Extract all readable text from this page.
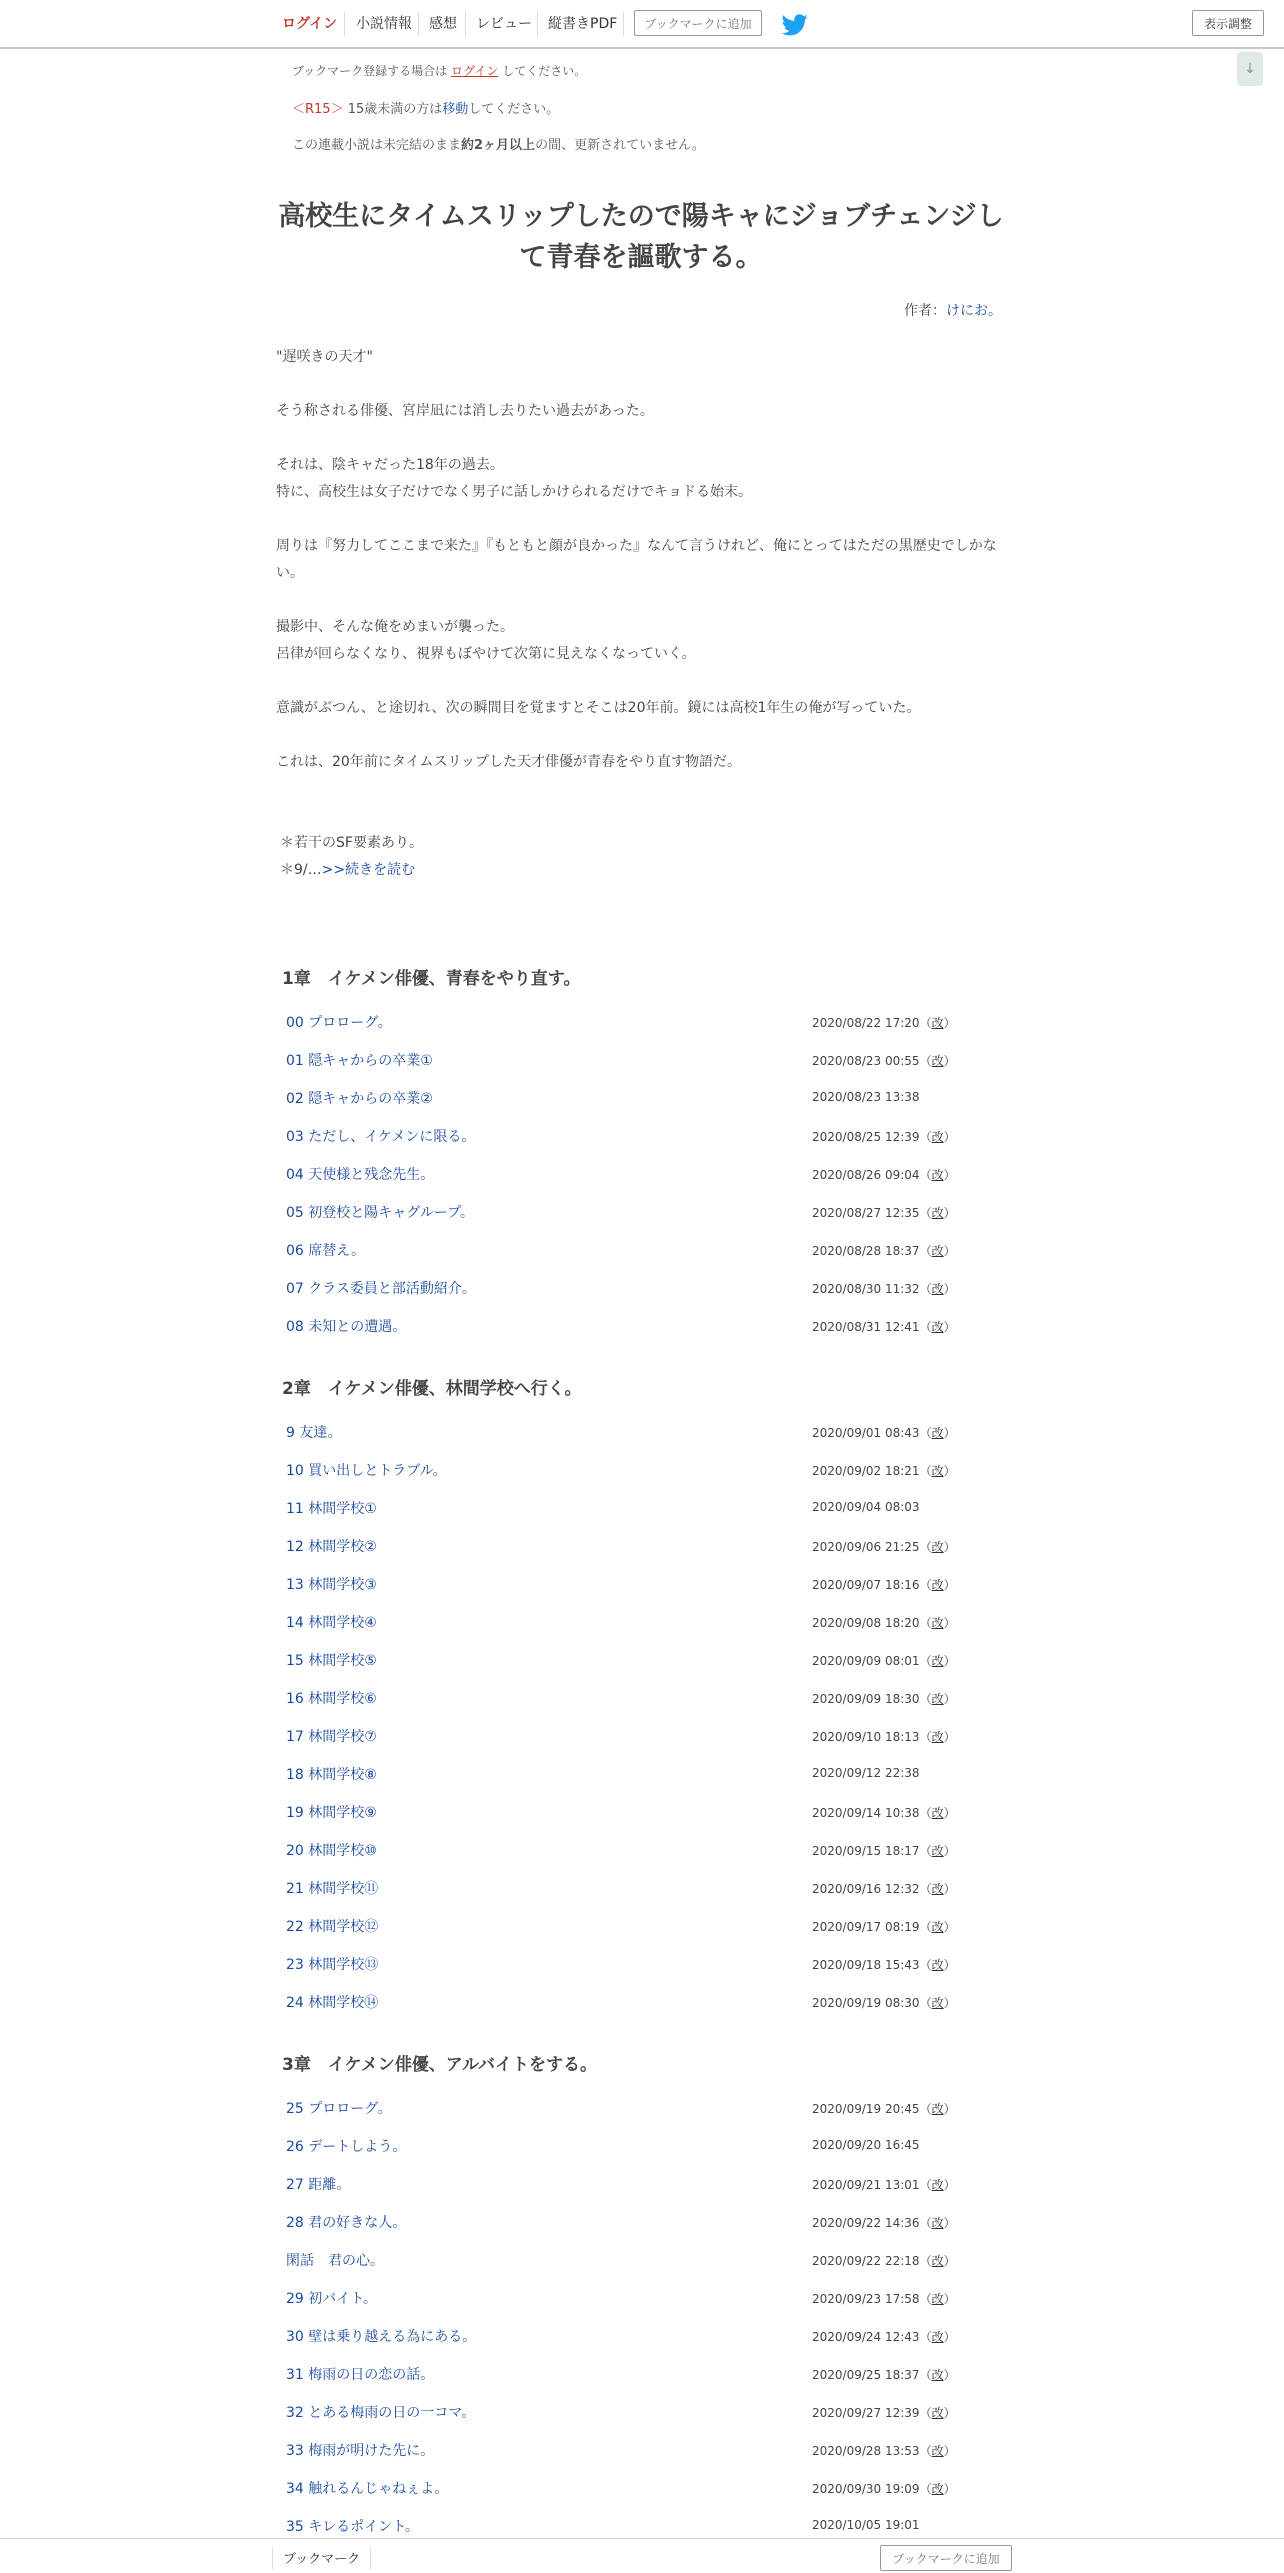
ログイン 小説情報 感想 レビュー 縦書きPDF	ブックマークに追加	表示調整
↓
ブックマーク登録する場合は ログイン してください。
＜R15＞ 15歳未満の方は移動してください。
この連載小説は未完結のまま約2ヶ月以上の間、更新されていません。
高校生にタイムスリップしたので陽キャにジョブチェンジして青春を謳歌する。
作者：けにお。

"遅咲きの天才"

そう称される俳優、宮岸凪には消し去りたい過去があった。

それは、陰キャだった18年の過去。

特に、高校生は女子だけでなく男子に話しかけられるだけでキョドる始末。

周りは『努力してここまで来た』『もともと顔が良かった』なんて言うけれど、俺にとってはただの黒歴史でしかない。

撮影中、そんな俺をめまいが襲った。

呂律が回らなくなり、視界もぼやけて次第に見えなくなっていく。

意識がぶつん、と途切れ、次の瞬間目を覚ますとそこは20年前。鏡には高校1年生の俺が写っていた。

これは、20年前にタイムスリップした天才俳優が青春をやり直す物語だ。

＊若干のSF要素あり。

＊9/…>>続きを読む

1章　イケメン俳優、青春をやり直す。
00 プロローグ。	2020/08/22 17:20（改）
01 隠キャからの卒業①	2020/08/23 00:55（改）
02 隠キャからの卒業②	2020/08/23 13:38
03 ただし、イケメンに限る。	2020/08/25 12:39（改）
04 天使様と残念先生。	2020/08/26 09:04（改）
05 初登校と陽キャグループ。	2020/08/27 12:35（改）
06 席替え。	2020/08/28 18:37（改）
07 クラス委員と部活動紹介。	2020/08/30 11:32（改）
08 未知との遭遇。	2020/08/31 12:41（改）
2章　イケメン俳優、林間学校へ行く。
9 友達。	2020/09/01 08:43（改）
10 買い出しとトラブル。	2020/09/02 18:21（改）
11 林間学校①	2020/09/04 08:03
12 林間学校②	2020/09/06 21:25（改）
13 林間学校③	2020/09/07 18:16（改）
14 林間学校④	2020/09/08 18:20（改）
15 林間学校⑤	2020/09/09 08:01（改）
16 林間学校⑥	2020/09/09 18:30（改）
17 林間学校⑦	2020/09/10 18:13（改）
18 林間学校⑧	2020/09/12 22:38
19 林間学校⑨	2020/09/14 10:38（改）
20 林間学校⑩	2020/09/15 18:17（改）
21 林間学校⑪	2020/09/16 12:32（改）
22 林間学校⑫	2020/09/17 08:19（改）
23 林間学校⑬	2020/09/18 15:43（改）
24 林間学校⑭	2020/09/19 08:30（改）
3章　イケメン俳優、アルバイトをする。
25 プロローグ。	2020/09/19 20:45（改）
26 デートしよう。	2020/09/20 16:45
27 距離。	2020/09/21 13:01（改）
28 君の好きな人。	2020/09/22 14:36（改）
閑話　君の心。	2020/09/22 22:18（改）
29 初バイト。	2020/09/23 17:58（改）
30 壁は乗り越える為にある。	2020/09/24 12:43（改）
31 梅雨の日の恋の話。	2020/09/25 18:37（改）
32 とある梅雨の日の一コマ。	2020/09/27 12:39（改）
33 梅雨が明けた先に。	2020/09/28 13:53（改）
34 触れるんじゃねぇよ。	2020/09/30 19:09（改）
35 キレるポイント。	2020/10/05 19:01
ブックマーク	ブックマークに追加
